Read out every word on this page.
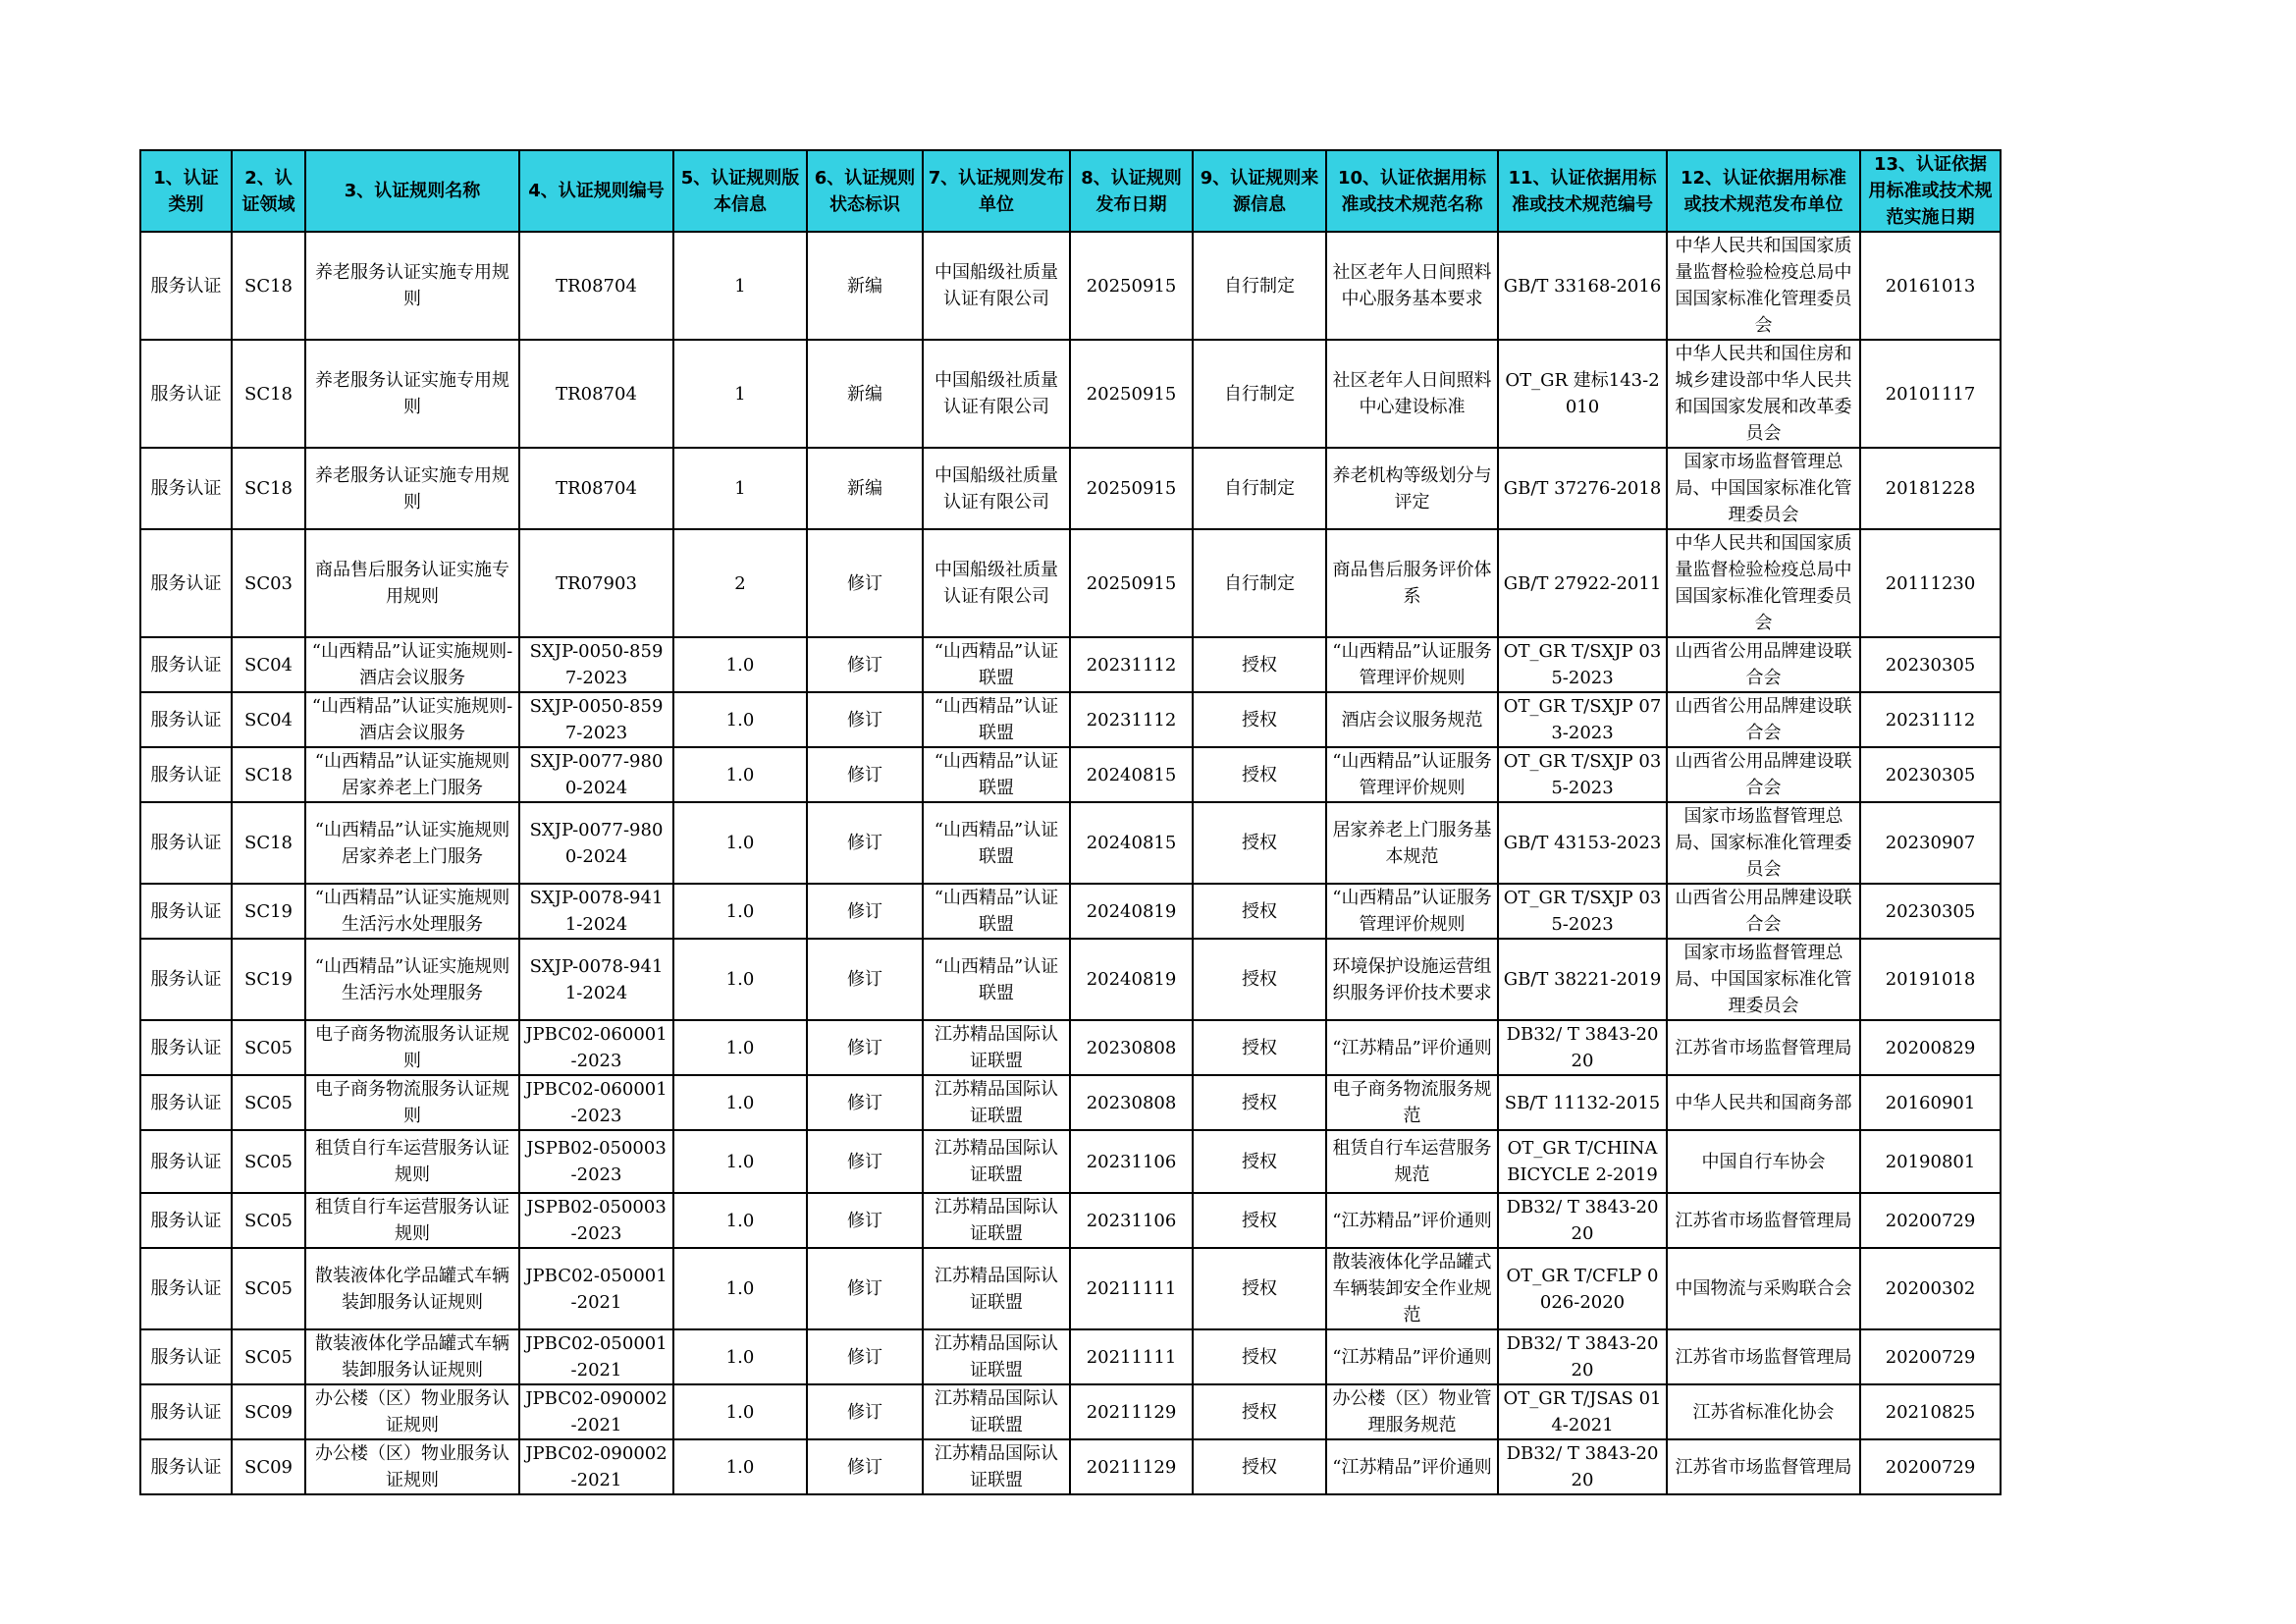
1、认证类别	2、认证领域	3、认证规则名称	4、认证规则编号	5、认证规则版本信息	6、认证规则状态标识	7、认证规则发布单位	8、认证规则发布日期	9、认证规则来源信息	10、认证依据用标准或技术规范名称	11、认证依据用标准或技术规范编号	12、认证依据用标准或技术规范发布单位	13、认证依据用标准或技术规范实施日期
服务认证	SC18	养老服务认证实施专用规则	TR08704	1	新编	中国船级社质量认证有限公司	20250915	自行制定	社区老年人日间照料中心服务基本要求	GB/T 33168-2016	中华人民共和国国家质量监督检验检疫总局中国国家标准化管理委员会	20161013
服务认证	SC18	养老服务认证实施专用规则	TR08704	1	新编	中国船级社质量认证有限公司	20250915	自行制定	社区老年人日间照料中心建设标准	OT_GR 建标143-2010	中华人民共和国住房和城乡建设部中华人民共和国国家发展和改革委员会	20101117
服务认证	SC18	养老服务认证实施专用规则	TR08704	1	新编	中国船级社质量认证有限公司	20250915	自行制定	养老机构等级划分与评定	GB/T 37276-2018	国家市场监督管理总局、中国国家标准化管理委员会	20181228
服务认证	SC03	商品售后服务认证实施专用规则	TR07903	2	修订	中国船级社质量认证有限公司	20250915	自行制定	商品售后服务评价体系	GB/T 27922-2011	中华人民共和国国家质量监督检验检疫总局中国国家标准化管理委员会	20111230
服务认证	SC04	“山西精品”认证实施规则-酒店会议服务	SXJP-0050-8597-2023	1.0	修订	“山西精品”认证联盟	20231112	授权	“山西精品”认证服务管理评价规则	OT_GR T/SXJP 035-2023	山西省公用品牌建设联合会	20230305
服务认证	SC04	“山西精品”认证实施规则-酒店会议服务	SXJP-0050-8597-2023	1.0	修订	“山西精品”认证联盟	20231112	授权	酒店会议服务规范	OT_GR T/SXJP 073-2023	山西省公用品牌建设联合会	20231112
服务认证	SC18	“山西精品”认证实施规则 居家养老上门服务	SXJP-0077-9800-2024	1.0	修订	“山西精品”认证联盟	20240815	授权	“山西精品”认证服务管理评价规则	OT_GR T/SXJP 035-2023	山西省公用品牌建设联合会	20230305
服务认证	SC18	“山西精品”认证实施规则 居家养老上门服务	SXJP-0077-9800-2024	1.0	修订	“山西精品”认证联盟	20240815	授权	居家养老上门服务基本规范	GB/T 43153-2023	国家市场监督管理总局、国家标准化管理委员会	20230907
服务认证	SC19	“山西精品”认证实施规则 生活污水处理服务	SXJP-0078-9411-2024	1.0	修订	“山西精品”认证联盟	20240819	授权	“山西精品”认证服务管理评价规则	OT_GR T/SXJP 035-2023	山西省公用品牌建设联合会	20230305
服务认证	SC19	“山西精品”认证实施规则 生活污水处理服务	SXJP-0078-9411-2024	1.0	修订	“山西精品”认证联盟	20240819	授权	环境保护设施运营组织服务评价技术要求	GB/T 38221-2019	国家市场监督管理总局、中国国家标准化管理委员会	20191018
服务认证	SC05	电子商务物流服务认证规则	JPBC02-060001-2023	1.0	修订	江苏精品国际认证联盟	20230808	授权	“江苏精品”评价通则	DB32/ T 3843-2020	江苏省市场监督管理局	20200829
服务认证	SC05	电子商务物流服务认证规则	JPBC02-060001-2023	1.0	修订	江苏精品国际认证联盟	20230808	授权	电子商务物流服务规范	SB/T 11132-2015	中华人民共和国商务部	20160901
服务认证	SC05	租赁自行车运营服务认证规则	JSPB02-050003-2023	1.0	修订	江苏精品国际认证联盟	20231106	授权	租赁自行车运营服务规范	OT_GR T/CHINABICYCLE 2-2019	中国自行车协会	20190801
服务认证	SC05	租赁自行车运营服务认证规则	JSPB02-050003-2023	1.0	修订	江苏精品国际认证联盟	20231106	授权	“江苏精品”评价通则	DB32/ T 3843-2020	江苏省市场监督管理局	20200729
服务认证	SC05	散装液体化学品罐式车辆装卸服务认证规则	JPBC02-050001-2021	1.0	修订	江苏精品国际认证联盟	20211111	授权	散装液体化学品罐式车辆装卸安全作业规范	OT_GR T/CFLP 0026-2020	中国物流与采购联合会	20200302
服务认证	SC05	散装液体化学品罐式车辆装卸服务认证规则	JPBC02-050001-2021	1.0	修订	江苏精品国际认证联盟	20211111	授权	“江苏精品”评价通则	DB32/ T 3843-2020	江苏省市场监督管理局	20200729
服务认证	SC09	办公楼（区）物业服务认证规则	JPBC02-090002-2021	1.0	修订	江苏精品国际认证联盟	20211129	授权	办公楼（区）物业管理服务规范	OT_GR T/JSAS 014-2021	江苏省标准化协会	20210825
服务认证	SC09	办公楼（区）物业服务认证规则	JPBC02-090002-2021	1.0	修订	江苏精品国际认证联盟	20211129	授权	“江苏精品”评价通则	DB32/ T 3843-2020	江苏省市场监督管理局	20200729
